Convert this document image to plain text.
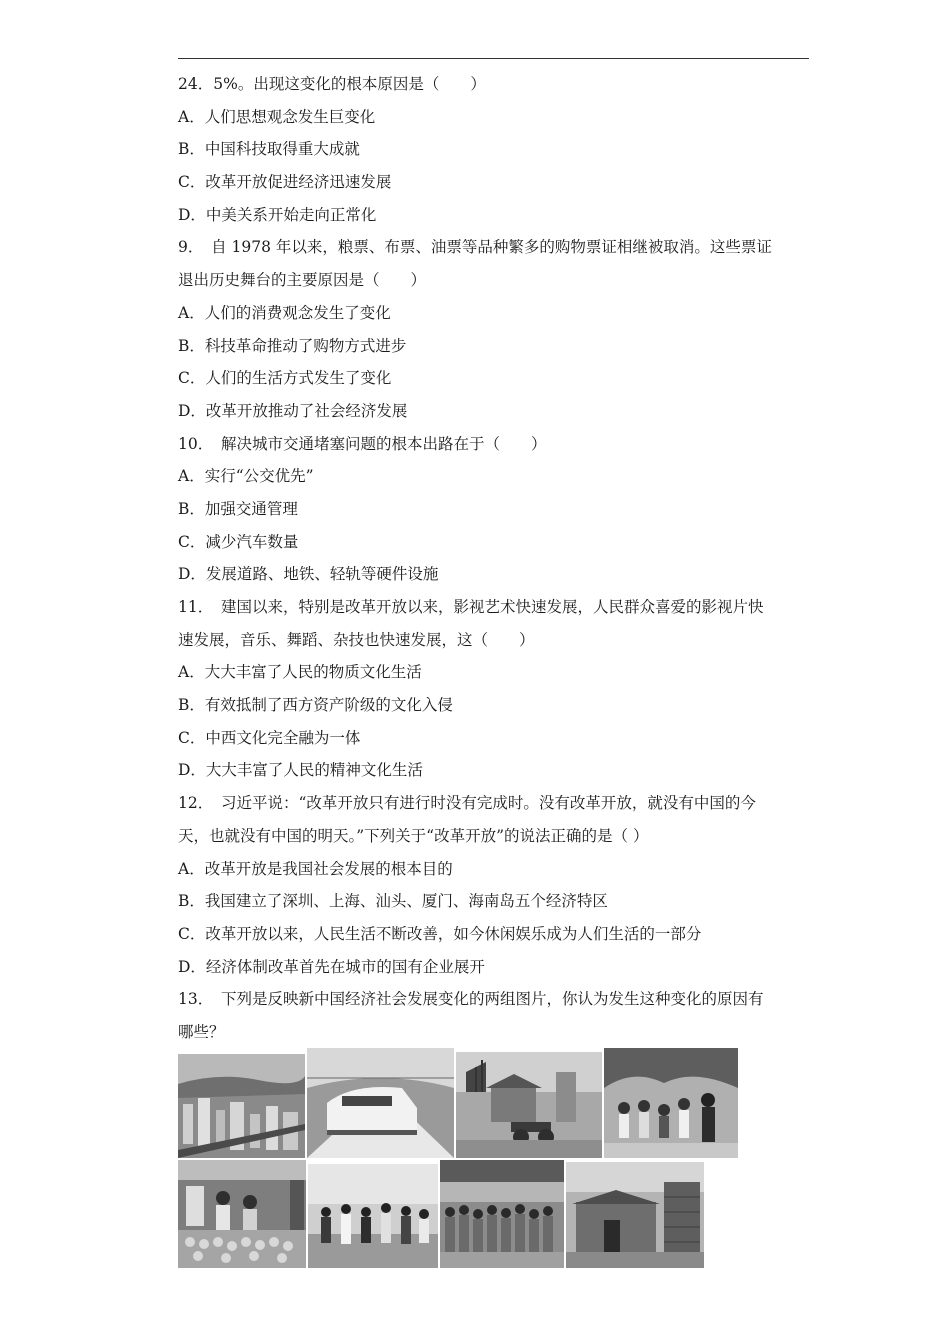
24．5%。出现这变化的根本原因是（　　）
A．人们思想观念发生巨变化
B．中国科技取得重大成就
C．改革开放促进经济迅速发展
D．中美关系开始走向正常化
9．　自 1978 年以来，粮票、布票、油票等品种繁多的购物票证相继被取消。这些票证
退出历史舞台的主要原因是（　　）
A．人们的消费观念发生了变化
B．科技革命推动了购物方式进步
C．人们的生活方式发生了变化
D．改革开放推动了社会经济发展
10．　解决城市交通堵塞问题的根本出路在于（　　）
A．实行“公交优先”
B．加强交通管理
C．减少汽车数量
D．发展道路、地铁、轻轨等硬件设施
11．　建国以来，特别是改革开放以来，影视艺术快速发展，人民群众喜爱的影视片快
速发展，音乐、舞蹈、杂技也快速发展，这（　　）
A．大大丰富了人民的物质文化生活
B．有效抵制了西方资产阶级的文化入侵
C．中西文化完全融为一体
D．大大丰富了人民的精神文化生活
12．　习近平说：“改革开放只有进行时没有完成时。没有改革开放，就没有中国的今
天，也就没有中国的明天。”下列关于“改革开放”的说法正确的是（ ）
A．改革开放是我国社会发展的根本目的
B．我国建立了深圳、上海、汕头、厦门、海南岛五个经济特区
C．改革开放以来，人民生活不断改善，如今休闲娱乐成为人们生活的一部分
D．经济体制改革首先在城市的国有企业展开
13．　下列是反映新中国经济社会发展变化的两组图片，你认为发生这种变化的原因有
哪些？
